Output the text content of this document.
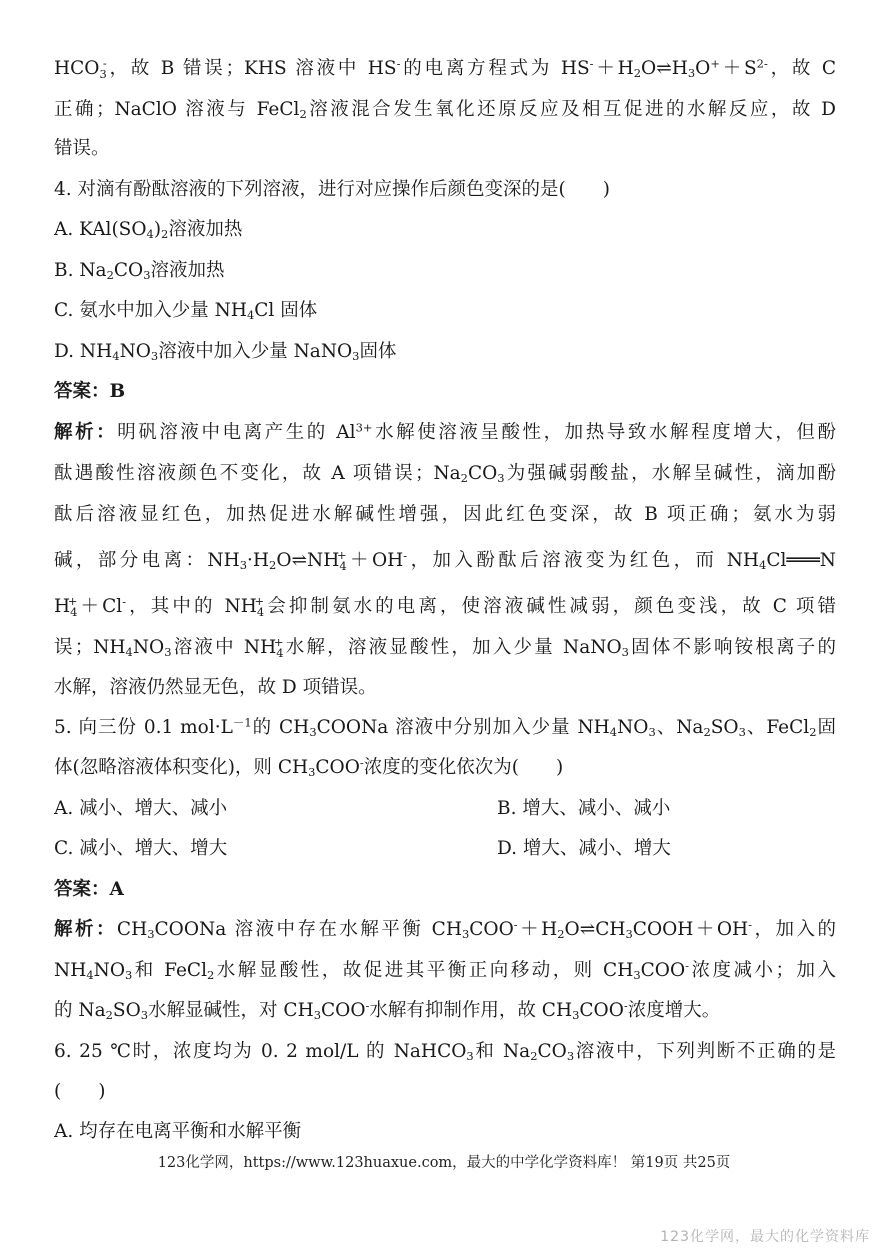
$HCO_3$
- ，故 B 错误；KHS 溶液中 HS-的电离方程式为 $HS^-+H_2O\rightleftharpoons H_3O^++S^{2-}$，故 C
正确；NaClO 溶液与 FeCl$_2$溶液混合发生氧化还原反应及相互促进的水解反应，故 D
错误。
4. 对滴有酚酞溶液的下列溶液，进行对应操作后颜色变深的是(　　)
A. $KAl(SO_4)_2$溶液加热
B. $Na_2CO_3$溶液加热
C. 氨水中加入少量 $NH_4Cl$ 固体
D. $NH_4NO_3$溶液中加入少量 NaNO$_3$固体
答案：B
解析：明矾溶液中电离产生的 $Al^{3+}$水解使溶液呈酸性，加热导致水解程度增大，但酚
酞遇酸性溶液颜色不变化，故 A 项错误；$Na_2CO_3$为强碱弱酸盐，水解呈碱性，滴加酚
酞后溶液显红色，加热促进水解碱性增强，因此红色变深，故 B 项正确；氨水为弱
碱，部分电离：$NH_3\cdot H_2O\rightleftharpoons NH_4$
+ ＋OH-，加入酚酞后溶液变为红色，而 $NH_4Cl═══N$
$H_4$
+ ＋Cl-，其中的 $NH_4$
+ 会抑制氨水的电离，使溶液碱性减弱，颜色变浅，故 C 项错
误；$NH_4NO_3$溶液中 $NH_4$
+ 水解，溶液显酸性，加入少量 NaNO$_3$固体不影响铵根离子的
水解，溶液仍然显无色，故 D 项错误。
5. 向三份 0.1 $mol\cdot L^{-1}$的 $CH_3COONa$ 溶液中分别加入少量 $NH_4NO_3$、$Na_2SO_3$、FeCl$_2$固
体(忽略溶液体积变化)，则 $CH_3COO^-$浓度的变化依次为(　　)
A. 减小、增大、减小	B. 增大、减小、减小
C. 减小、增大、增大	D. 增大、减小、增大
答案：A
解析：$CH_3COONa$ 溶液中存在水解平衡 $CH_3COO^-+H_2O\rightleftharpoons CH_3COOH+OH^-$，加入的
$NH_4NO_3$和 FeCl$_2$水解显酸性，故促进其平衡正向移动，则 $CH_3COO^-$浓度减小；加入
的 $Na_2SO_3$水解显碱性，对 $CH_3COO^-$水解有抑制作用，故 $CH_3COO^-$浓度增大。
6. 25 ℃时，浓度均为 0. 2 mol/L 的 NaHCO$_3$和 $Na_2CO_3$溶液中，下列判断不正确的是
(　　)
A. 均存在电离平衡和水解平衡
123化学网，https://www.123huaxue.com，最大的中学化学资料库！ 第19页 共25页
123化学网，最大的化学资料库
